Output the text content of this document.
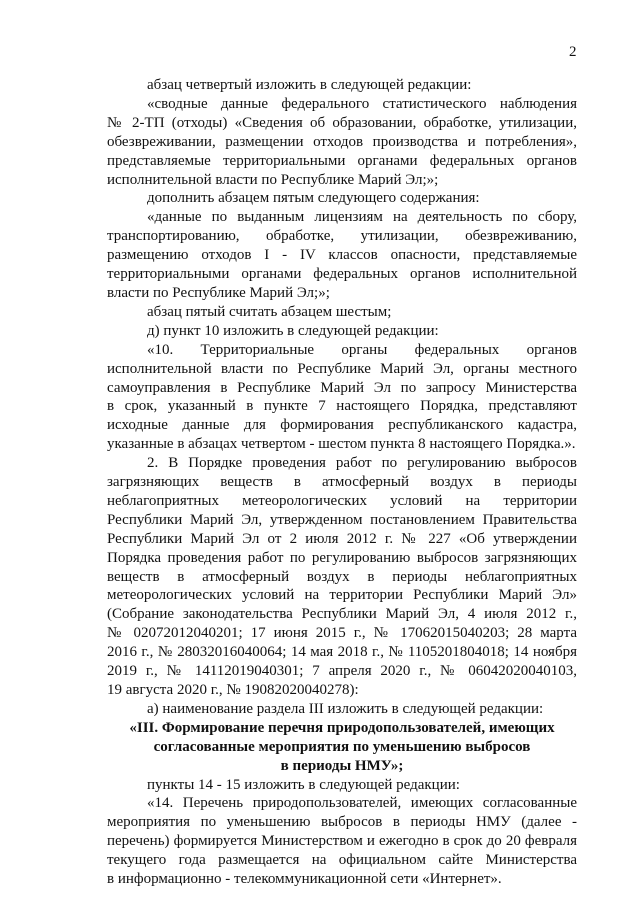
2

абзац четвертый изложить в следующей редакции:

«сводные данные федерального статистического наблюдения

№ 2-ТП (отходы) «Сведения об образовании, обработке, утилизации,

обезвреживании, размещении отходов производства и потребления»,

представляемые территориальными органами федеральных органов

исполнительной власти по Республике Марий Эл;»;

дополнить абзацем пятым следующего содержания:

«данные по выданным лицензиям на деятельность по сбору,

транспортированию, обработке, утилизации, обезвреживанию,

размещению отходов I - IV классов опасности, представляемые

территориальными органами федеральных органов исполнительной

власти по Республике Марий Эл;»;

абзац пятый считать абзацем шестым;

д) пункт 10 изложить в следующей редакции:

«10. Территориальные органы федеральных органов

исполнительной власти по Республике Марий Эл, органы местного

самоуправления в Республике Марий Эл по запросу Министерства

в срок, указанный в пункте 7 настоящего Порядка, представляют

исходные данные для формирования республиканского кадастра,

указанные в абзацах четвертом - шестом пункта 8 настоящего Порядка.».

2. В Порядке проведения работ по регулированию выбросов

загрязняющих веществ в атмосферный воздух в периоды

неблагоприятных метеорологических условий на территории

Республики Марий Эл, утвержденном постановлением Правительства

Республики Марий Эл от 2 июля 2012 г. № 227 «Об утверждении

Порядка проведения работ по регулированию выбросов загрязняющих

веществ в атмосферный воздух в периоды неблагоприятных

метеорологических условий на территории Республики Марий Эл»

(Собрание законодательства Республики Марий Эл, 4 июля 2012 г.,

№ 02072012040201; 17 июня 2015 г., № 17062015040203; 28 марта

2016 г., № 28032016040064; 14 мая 2018 г., № 1105201804018; 14 ноября

2019 г., № 14112019040301; 7 апреля 2020 г., № 06042020040103,

19 августа 2020 г., № 19082020040278):

а) наименование раздела III изложить в следующей редакции:

«III. Формирование перечня природопользователей, имеющих

согласованные мероприятия по уменьшению выбросов

в периоды НМУ»;

пункты 14 - 15 изложить в следующей редакции:

«14. Перечень природопользователей, имеющих согласованные

мероприятия по уменьшению выбросов в периоды НМУ (далее -

перечень) формируется Министерством и ежегодно в срок до 20 февраля

текущего года размещается на официальном сайте Министерства

в информационно - телекоммуникационной сети «Интернет».
